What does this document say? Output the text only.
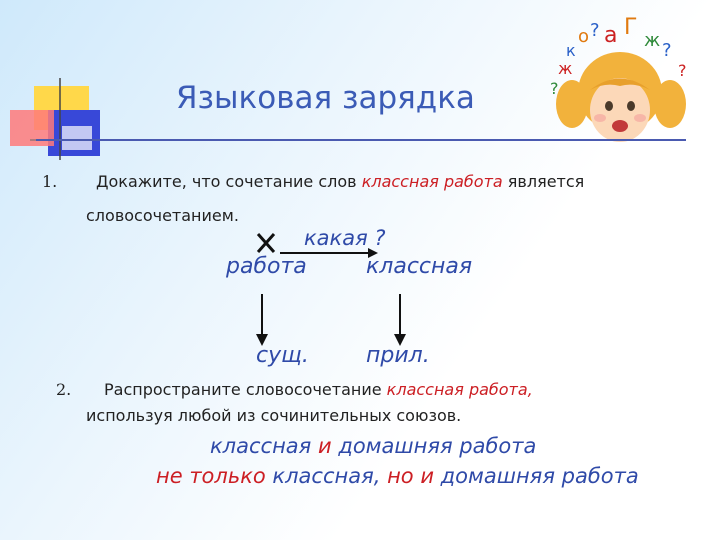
?
ж
к
о ? а Г
ж ?
?
Языковая зарядка
1. Докажите, что сочетание слов классная работа является
словосочетанием.
какая ?
работа	классная
сущ.	прил.
2. Распространите словосочетание классная работа,
используя любой из сочинительных союзов.
классная и домашняя работа
не только классная, но и домашняя работа
